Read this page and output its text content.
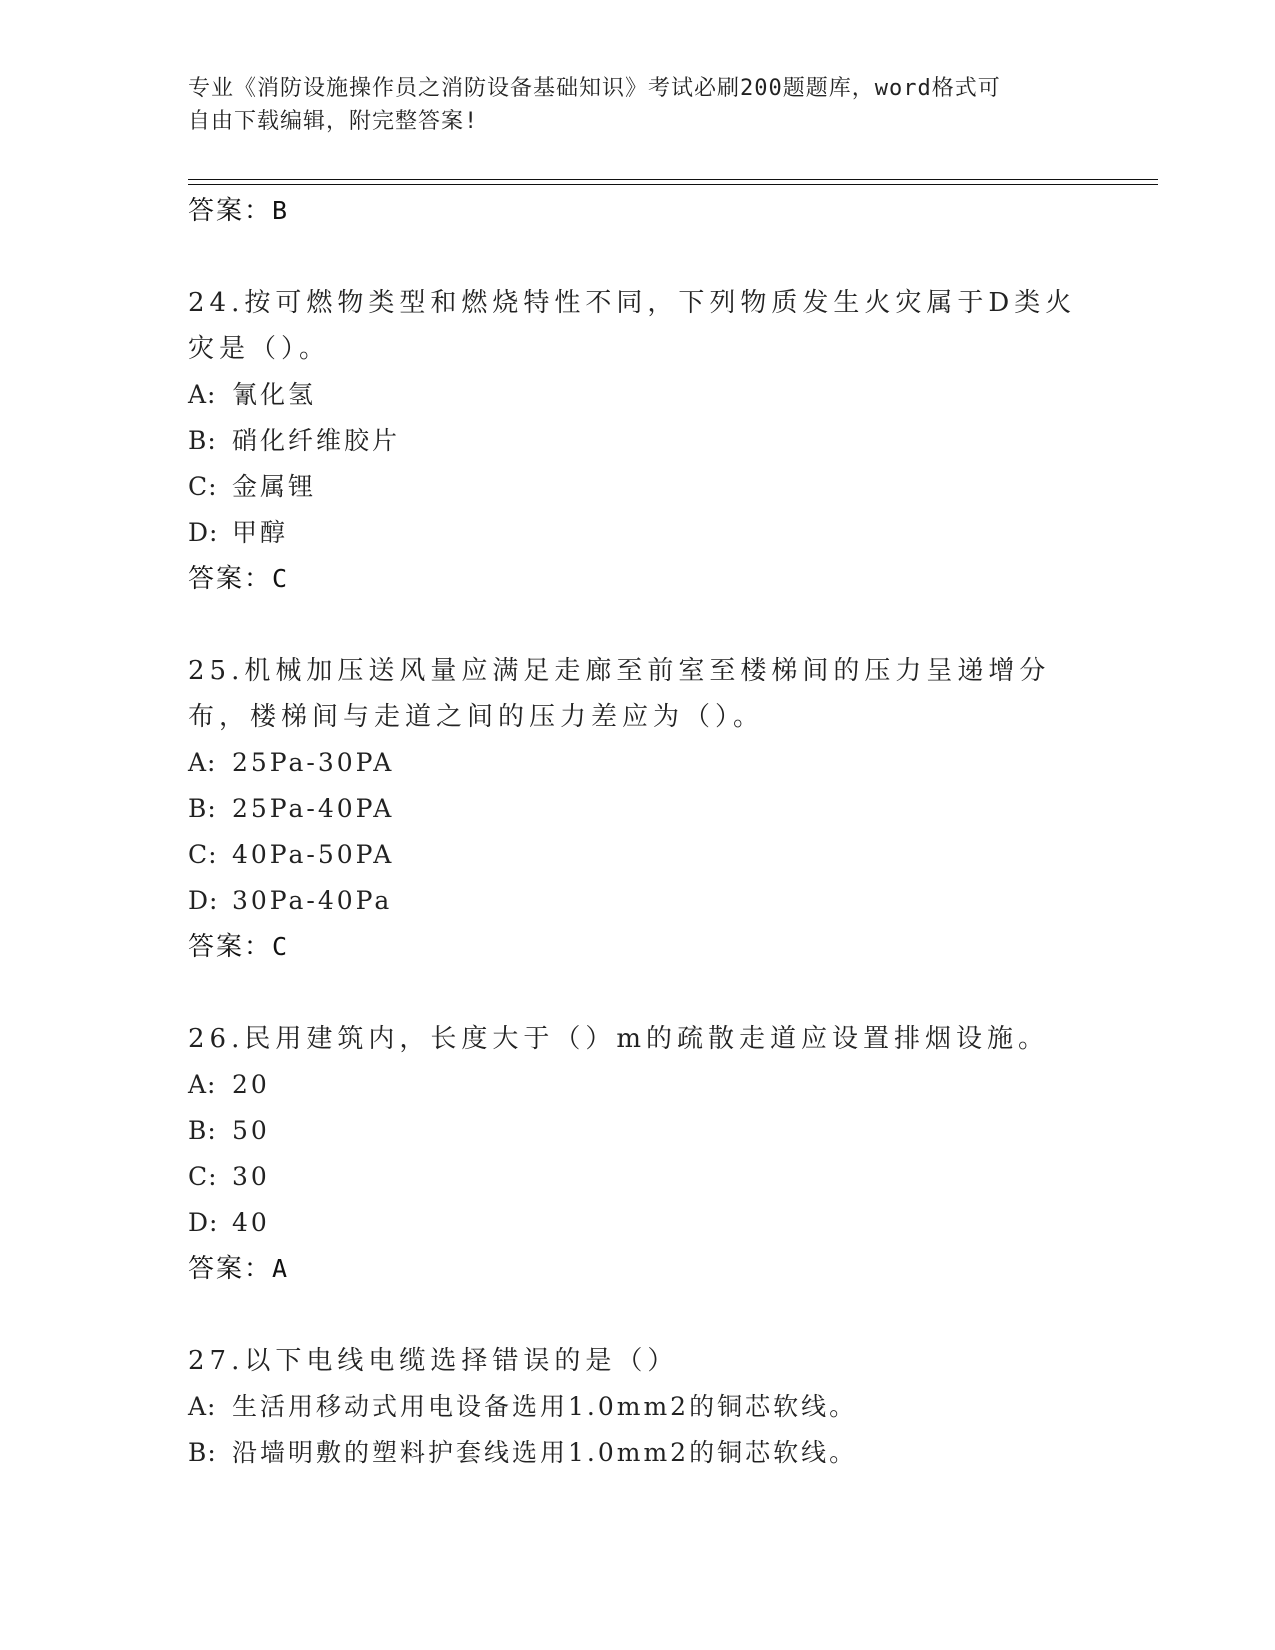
专业《消防设施操作员之消防设备基础知识》考试必刷200题题库，word格式可
自由下载编辑，附完整答案!
答案：B
24.按可燃物类型和燃烧特性不同，下列物质发生火灾属于D类火灾是（）。
A: 氰化氢
B: 硝化纤维胶片
C: 金属锂
D: 甲醇
答案：C
25.机械加压送风量应满足走廊至前室至楼梯间的压力呈递增分布，楼梯间与走道之间的压力差应为（）。
A: 25Pa-30PA
B: 25Pa-40PA
C: 40Pa-50PA
D: 30Pa-40Pa
答案：C
26.民用建筑内，长度大于（）m的疏散走道应设置排烟设施。
A: 20
B: 50
C: 30
D: 40
答案：A
27.以下电线电缆选择错误的是（）
A: 生活用移动式用电设备选用1.0mm2的铜芯软线。
B: 沿墙明敷的塑料护套线选用1.0mm2的铜芯软线。
